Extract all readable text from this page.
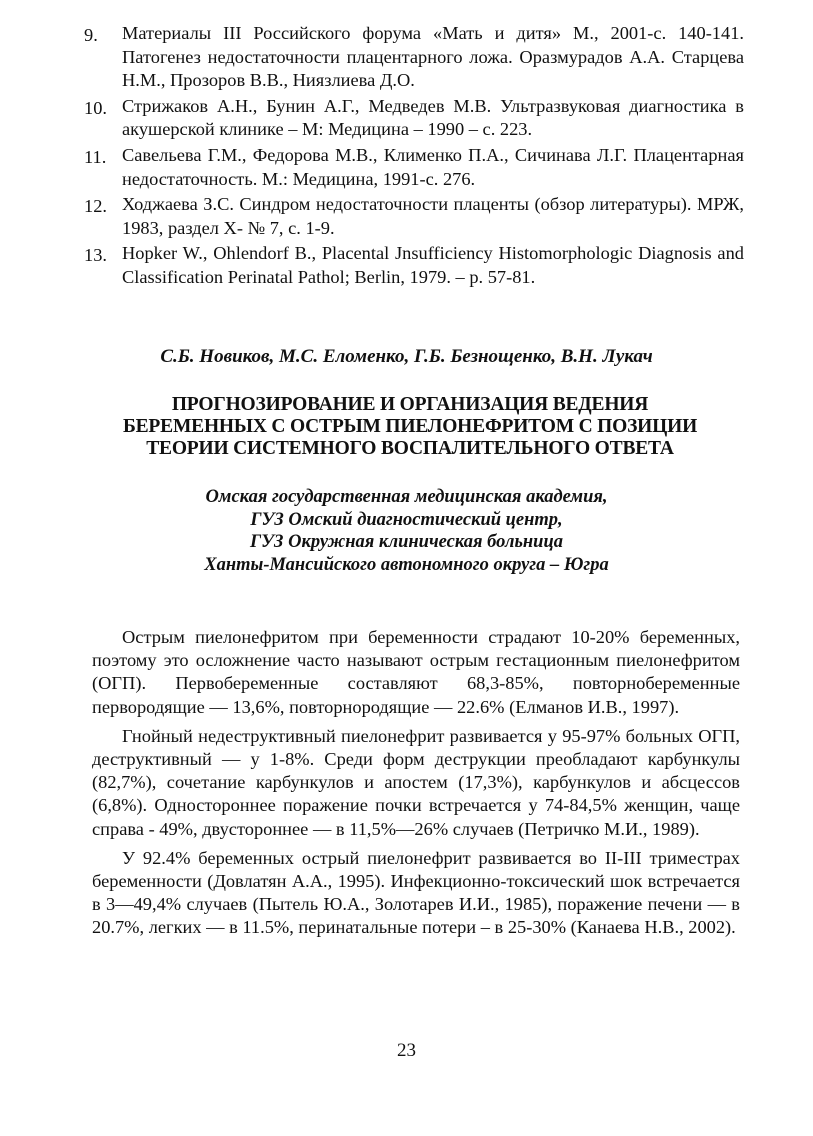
9.	Материалы III Российского форума «Мать и дитя» М., 2001-с. 140-141. Патогенез недостаточности плацентарного ложа. Оразмурадов А.А. Старцева Н.М., Прозоров В.В., Ниязлиева Д.О.
10. Стрижаков А.Н., Бунин А.Г., Медведев М.В. Ультразвуковая диагностика в акушерской клинике – М: Медицина – 1990 – с. 223.
11. Савельева Г.М., Федорова М.В., Клименко П.А., Сичинава Л.Г. Плацентарная недостаточность. М.: Медицина, 1991-с. 276.
12. Ходжаева З.С. Синдром недостаточности плаценты (обзор литературы). МРЖ, 1983, раздел Х- № 7, с. 1-9.
13. Hopker W., Ohlendorf B., Placental Jnsufficiency Histomorphologic Diagnosis and Classification Perinatal Pathol; Berlin, 1979. – p. 57-81.
С.Б. Новиков, М.С. Еломенко, Г.Б. Безнощенко, В.Н. Лукач
ПРОГНОЗИРОВАНИЕ И ОРГАНИЗАЦИЯ ВЕДЕНИЯ
БЕРЕМЕННЫХ С ОСТРЫМ ПИЕЛОНЕФРИТОМ С ПОЗИЦИИ
ТЕОРИИ СИСТЕМНОГО ВОСПАЛИТЕЛЬНОГО ОТВЕТА
Омская государственная медицинская академия,
ГУЗ Омский диагностический центр,
ГУЗ Окружная клиническая больница
Ханты-Мансийского автономного округа – Югра

Острым пиелонефритом при беременности страдают 10-20% беременных, поэтому это осложнение часто называют острым гестационным пиелонефритом (ОГП). Первобеременные составляют 68,3-85%, повторнобеременные первородящие — 13,6%, повторнородящие — 22.6% (Елманов И.В., 1997).

Гнойный недеструктивный пиелонефрит развивается у 95-97% больных ОГП, деструктивный — у 1-8%. Среди форм деструкции преобладают карбункулы (82,7%), сочетание карбункулов и апостем (17,3%), карбункулов и абсцессов (6,8%). Одностороннее поражение почки встречается у 74-84,5% женщин, чаще справа - 49%, двустороннее — в 11,5%—26% случаев (Петричко М.И., 1989).

У 92.4% беременных острый пиелонефрит развивается во II-III триместрах беременности (Довлатян А.А., 1995). Инфекционно-токсический шок встречается в 3—49,4% случаев (Пытель Ю.А., Золотарев И.И., 1985), поражение печени — в 20.7%, легких — в 11.5%, перинатальные потери – в 25-30% (Канаева Н.В., 2002).

23
